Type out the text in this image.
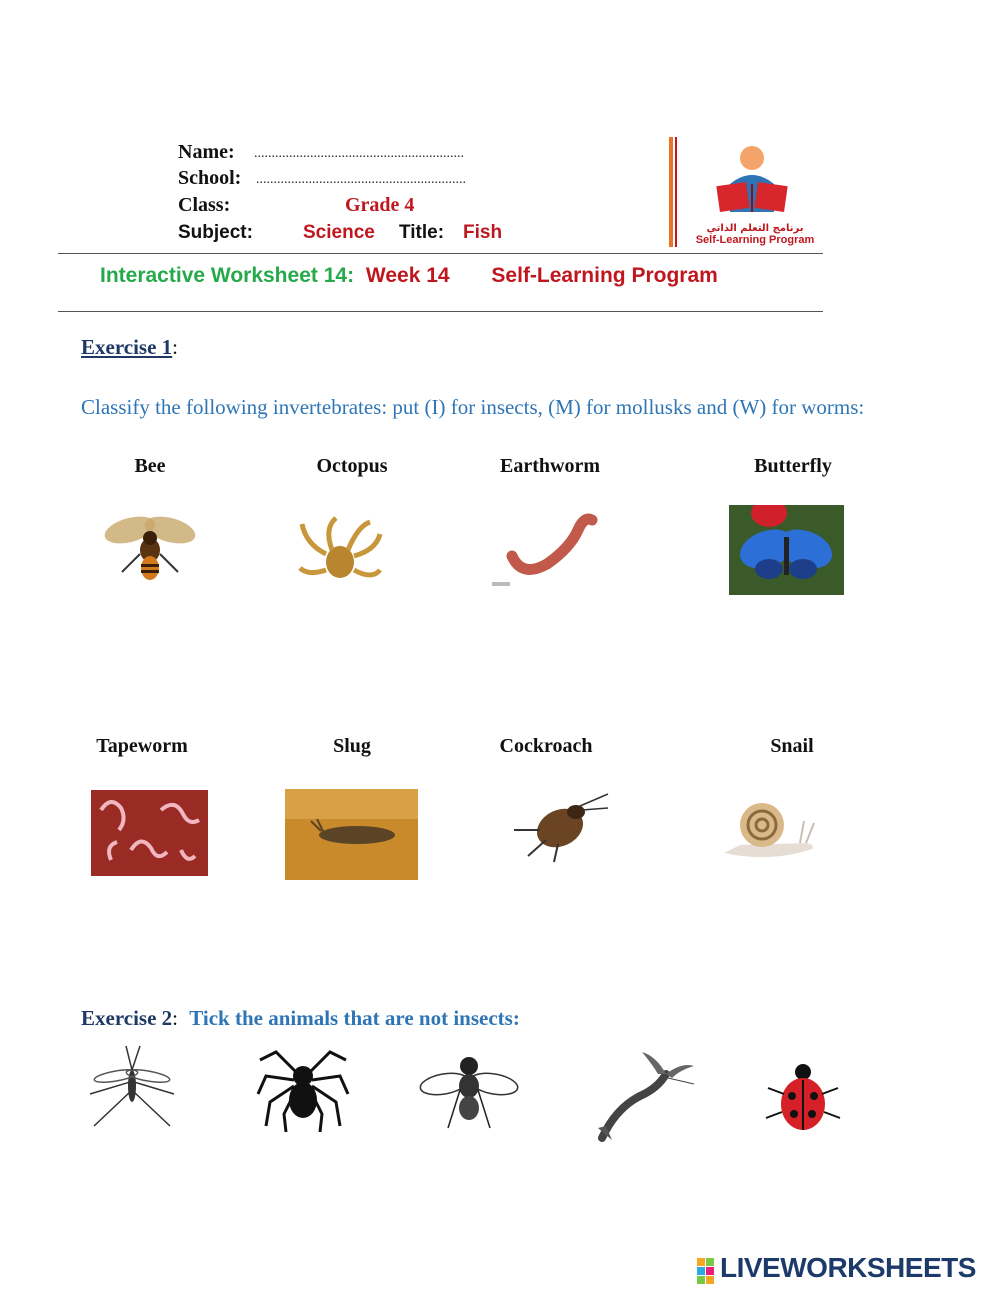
Name: ............................................................
School: ............................................................
Class:	Grade 4
Subject:	Science Title: Fish	برنامج التعلم الذاتي
Self-Learning Program
Interactive Worksheet 14: Week 14 Self-Learning Program
Exercise 1:
Classify the following invertebrates: put (I) for insects, (M) for mollusks and (W) for worms:
Bee	Octopus	Earthworm	Butterfly
Tapeworm	Slug	Cockroach	Snail
Exercise 2: Tick the animals that are not insects:
LIVEWORKSHEETS
